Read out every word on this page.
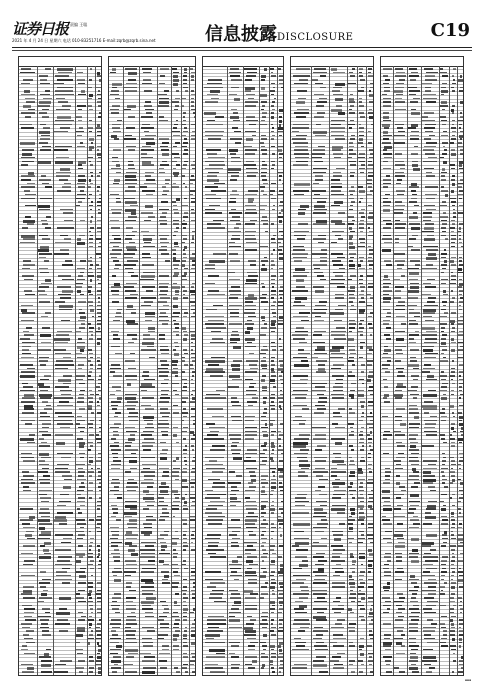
证券日报 责编 王聪
2021 年 4 月 24 日 星期六 电话 010-83251716 E-mail:zqrb@zqrb.sina.net	信息披露DISCLOSURE	C19
▪▪▪
